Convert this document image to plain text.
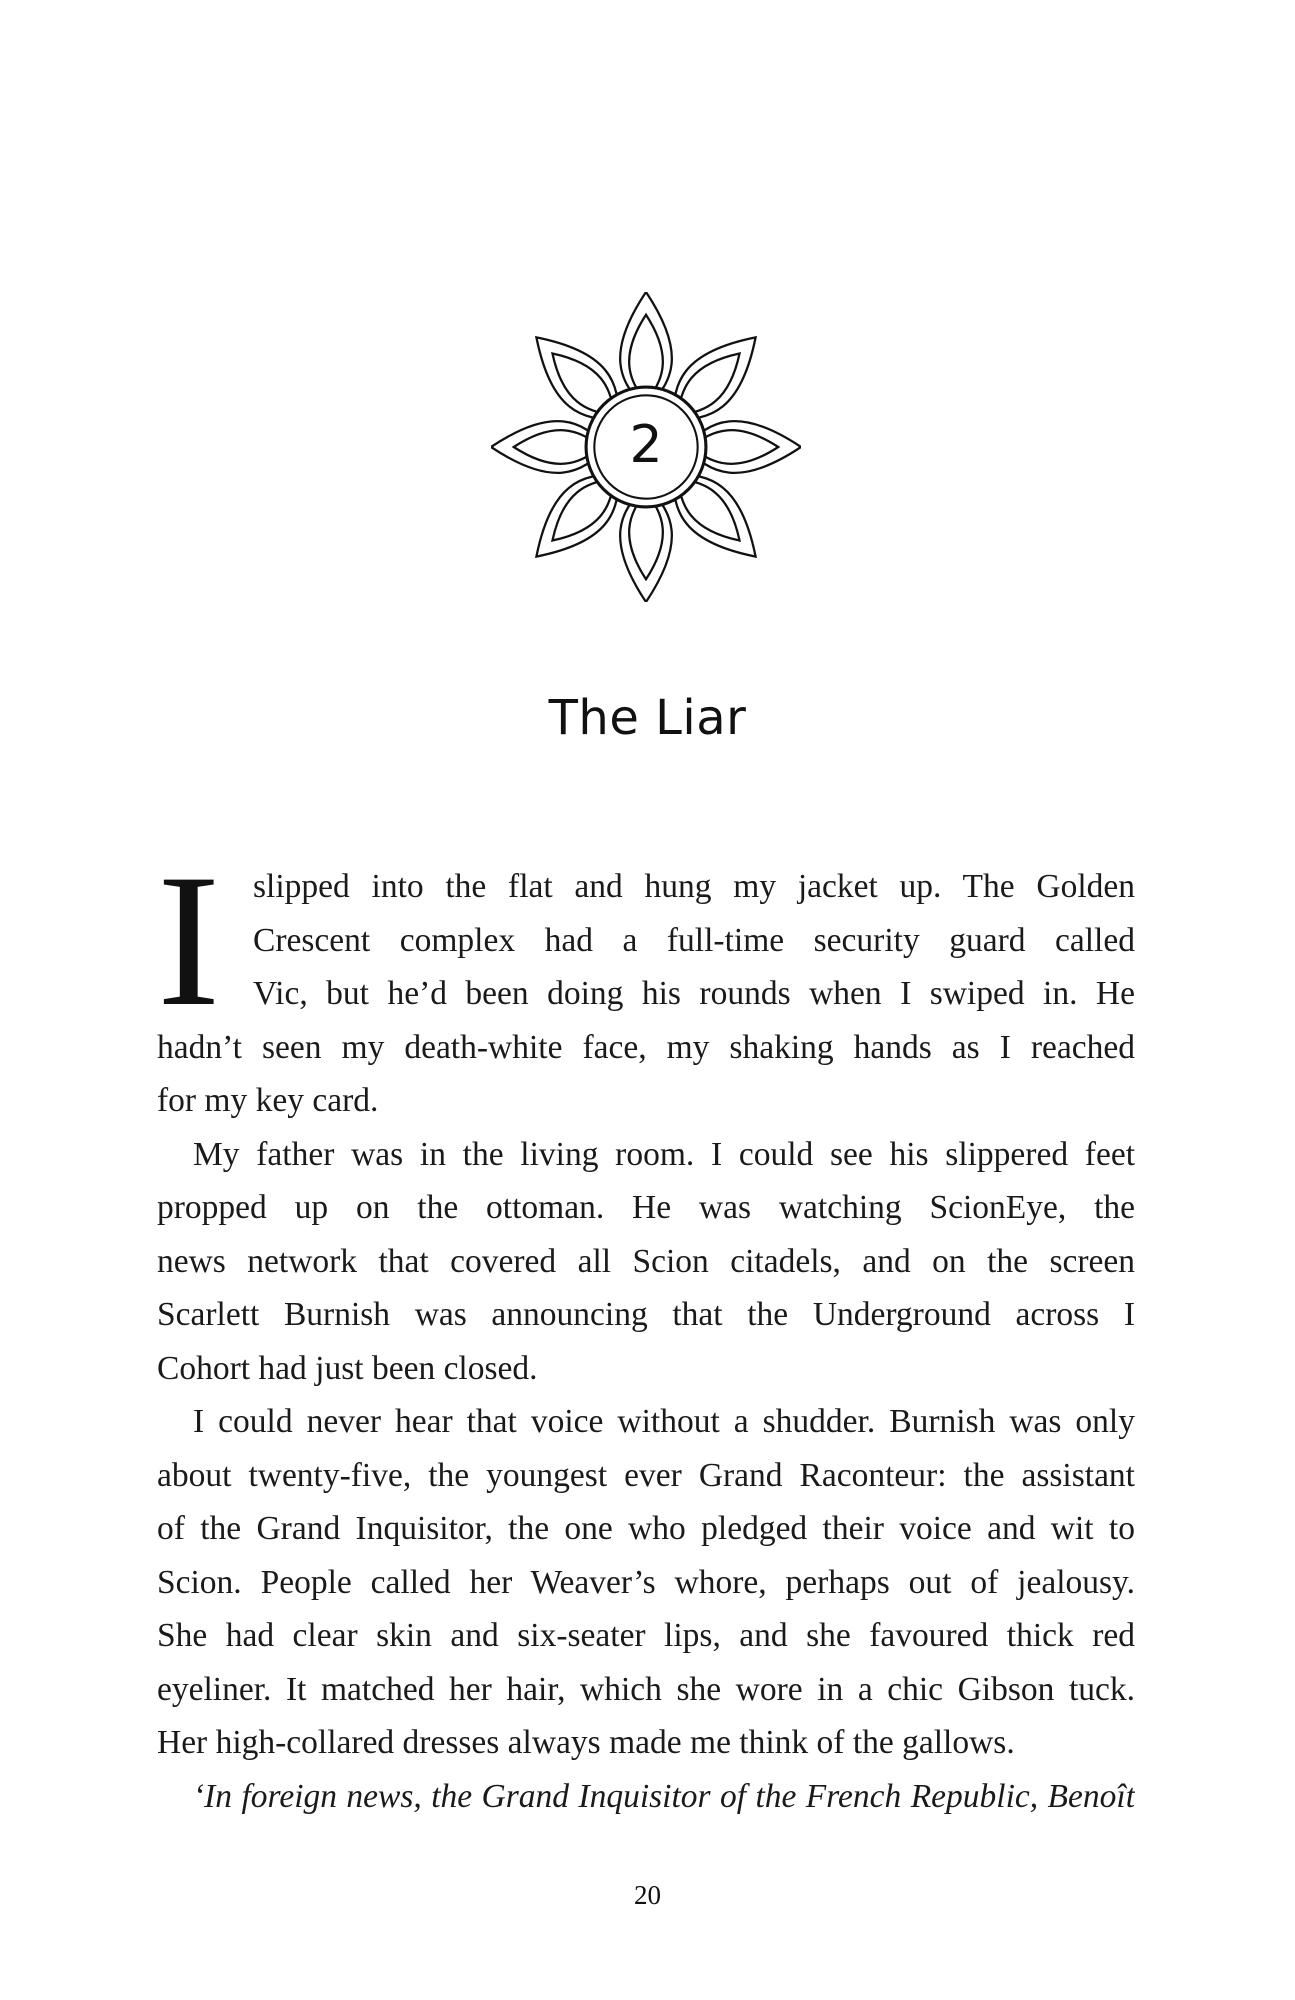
2
The Liar
I slipped into the flat and hung my jacket up. The Golden
Crescent complex had a full-time security guard called
Vic, but he’d been doing his rounds when I swiped in. He
hadn’t seen my death-white face, my shaking hands as I reached
for my key card.
My father was in the living room. I could see his slippered feet
propped up on the ottoman. He was watching ScionEye, the
news network that covered all Scion citadels, and on the screen
Scarlett Burnish was announcing that the Underground across I
Cohort had just been closed.
I could never hear that voice without a shudder. Burnish was only
about twenty-five, the youngest ever Grand Raconteur: the assistant
of the Grand Inquisitor, the one who pledged their voice and wit to
Scion. People called her Weaver’s whore, perhaps out of jealousy.
She had clear skin and six-seater lips, and she favoured thick red
eyeliner. It matched her hair, which she wore in a chic Gibson tuck.
Her high-collared dresses always made me think of the gallows.
‘In foreign news, the Grand Inquisitor of the French Republic, Benoît
20
